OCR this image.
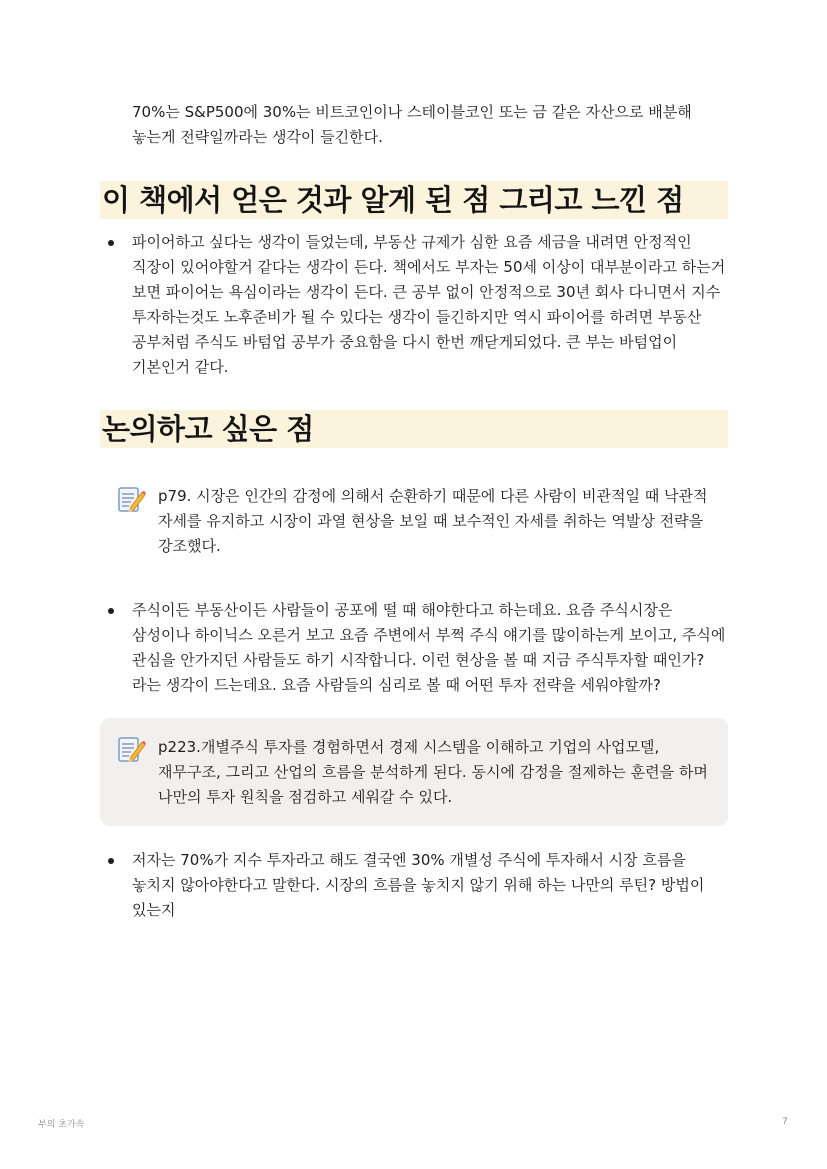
70%는 S&P500에 30%는 비트코인이나 스테이블코인 또는 금 같은 자산으로 배분해 놓는게 전략일까라는 생각이 들긴한다.

이 책에서 얻은 것과 알게 된 점 그리고 느낀 점

파이어하고 싶다는 생각이 들었는데, 부동산 규제가 심한 요즘 세금을 내려면 안정적인 직장이 있어야할거 같다는 생각이 든다. 책에서도 부자는 50세 이상이 대부분이라고 하는거 보면 파이어는 욕심이라는 생각이 든다. 큰 공부 없이 안정적으로 30년 회사 다니면서 지수 투자하는것도 노후준비가 될 수 있다는 생각이 들긴하지만 역시 파이어를 하려면 부동산 공부처럼 주식도 바텀업 공부가 중요함을 다시 한번 깨닫게되었다. 큰 부는 바텀업이 기본인거 같다.

논의하고 싶은 점

p79. 시장은 인간의 감정에 의해서 순환하기 때문에 다른 사람이 비관적일 때 낙관적 자세를 유지하고 시장이 과열 현상을 보일 때 보수적인 자세를 취하는 역발상 전략을 강조했다.

주식이든 부동산이든 사람들이 공포에 떨 때 해야한다고 하는데요. 요즘 주식시장은 삼성이나 하이닉스 오른거 보고 요즘 주변에서 부쩍 주식 얘기를 많이하는게 보이고, 주식에 관심을 안가지던 사람들도 하기 시작합니다. 이런 현상을 볼 때 지금 주식투자할 때인가?라는 생각이 드는데요. 요즘 사람들의 심리로 볼 때 어떤 투자 전략을 세워야할까?

p223.개별주식 투자를 경험하면서 경제 시스템을 이해하고 기업의 사업모델, 재무구조, 그리고 산업의 흐름을 분석하게 된다. 동시에 감정을 절제하는 훈련을 하며 나만의 투자 원칙을 점검하고 세워갈 수 있다.

저자는 70%가 지수 투자라고 해도 결국엔 30% 개별성 주식에 투자해서 시장 흐름을 놓치지 않아야한다고 말한다. 시장의 흐름을 놓치지 않기 위해 하는 나만의 루틴? 방법이 있는지

부의 초가속	7
